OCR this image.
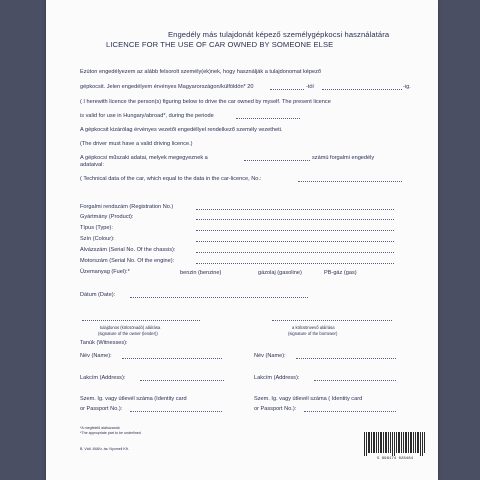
Engedély más tulajdonát képező személygépkocsi használatára
LICENCE FOR THE USE OF CAR OWNED BY SOMEONE ELSE
Ezúton engedélyezem az alább felsorolt személy(ek)nek, hogy használják a tulajdonomat képező
gépkocsit. Jelen engedélyem érvényes Magyarországon/külföldön* 20	-tól	-ig.
( I herewith licence the person(s) figuring below to drive the car owned by myself. The present licence
is valid for use in Hungary/abroad*, during the periode
A gépkocsit kizárólag érvényes vezetői engedéllyel rendelkező személy vezetheti.
(The driver must have a valid driving licence.)
A gépkocsi műszaki adatai, melyek megegyeznek a	számú forgalmi engedély
adataival:
( Technical data of the car, which equal to the data in the car-licence, No.:
Forgalmi rendszám (Registration No.)
Gyártmány (Product):
Típus (Type):
Szín (Colour):
Alvázszám (Serial No. Of the chassis):
Motorszám (Serial No. Of the engine):
Üzemanyag (Fuel):*	benzin (benzine)	gázolaj (gasoline)	PB-gáz (gas)
Dátum (Date):
tulajdonos (kölcsönadó) aláírása
(signature of the owner (lender))
a kölcsönvevő aláírása
(signature of the borrower)
Tanúk (Witnesses):
Név (Name):	Név (Name):
Lakcím (Address):	Lakcím (Address):
Szem. Ig. vagy útlevél száma (Identity card
or Passport No.):
Szem. Ig. vagy útlevél száma ( Identity card
or Passport No.):
*A megfelelő aláhúzandó
*The appropriate part to be underlined
B. Vált. 848/ú. ás: Nyomell Kft.
5 998174 028484
